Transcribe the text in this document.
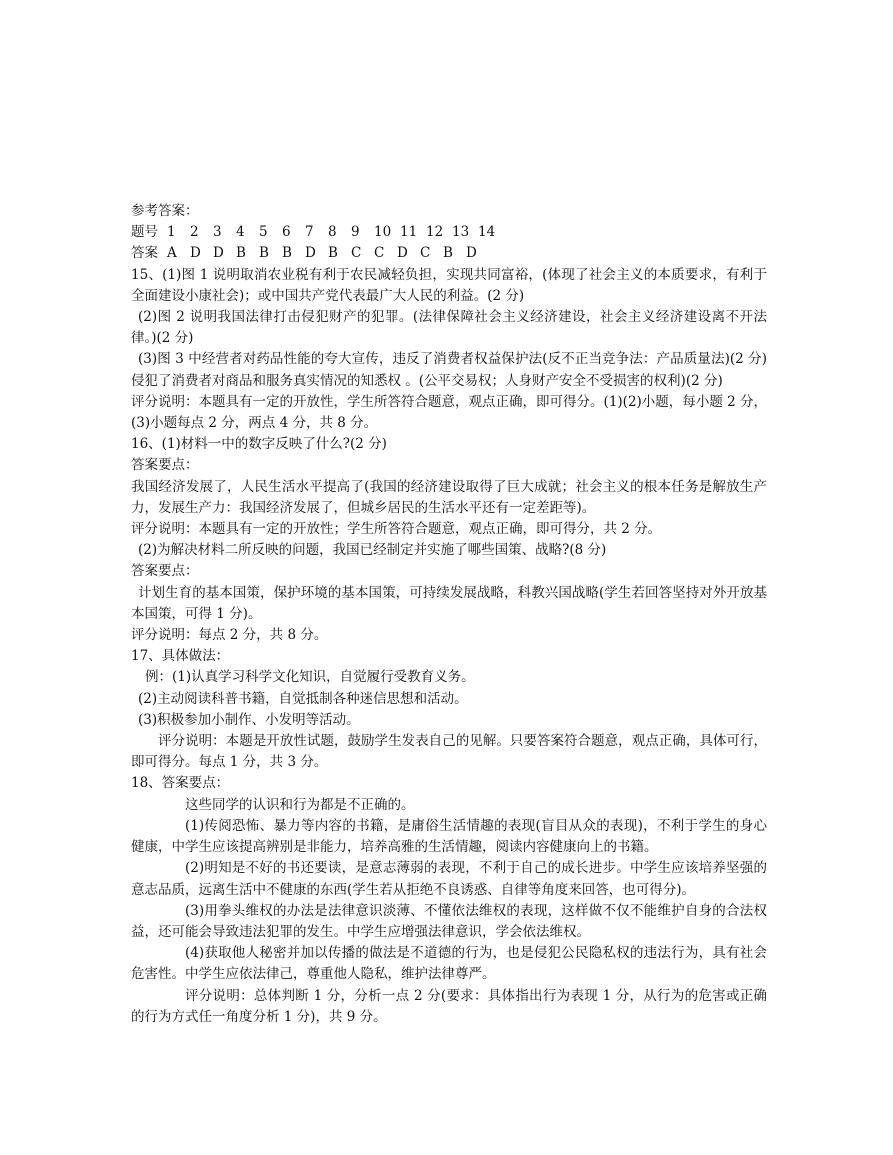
参考答案：

题号 1	2	3	4	5	6	7	8	9	10 11 12 13 14
答案 A D D B B B D B C C D C B D

15、(1)图 1 说明取消农业税有利于农民减轻负担，实现共同富裕，(体现了社会主义的本质要求，有利于全面建设小康社会)；或中国共产党代表最广大人民的利益。(2 分)

(2)图 2 说明我国法律打击侵犯财产的犯罪。(法律保障社会主义经济建设，社会主义经济建设离不开法律。)(2 分)

(3)图 3 中经营者对药品性能的夸大宣传，违反了消费者权益保护法(反不正当竞争法：产品质量法)(2 分)侵犯了消费者对商品和服务真实情况的知悉权 。(公平交易权；人身财产安全不受损害的权利)(2 分)

评分说明：本题具有一定的开放性，学生所答符合题意，观点正确，即可得分。(1)(2)小题，每小题 2 分，(3)小题每点 2 分，两点 4 分，共 8 分。

16、(1)材料一中的数字反映了什么?(2 分)

答案要点：

我国经济发展了，人民生活水平提高了(我国的经济建设取得了巨大成就；社会主义的根本任务是解放生产力，发展生产力：我国经济发展了，但城乡居民的生活水平还有一定差距等)。

评分说明：本题具有一定的开放性；学生所答符合题意，观点正确，即可得分，共 2 分。

(2)为解决材料二所反映的问题，我国已经制定并实施了哪些国策、战略?(8 分)

答案要点：

计划生育的基本国策，保护环境的基本国策，可持续发展战略，科教兴国战略(学生若回答坚持对外开放基本国策，可得 1 分)。

评分说明：每点 2 分，共 8 分。

17、具体做法：

例：(1)认真学习科学文化知识，自觉履行受教育义务。

(2)主动阅读科普书籍，自觉抵制各种迷信思想和活动。

(3)积极参加小制作、小发明等活动。

评分说明：本题是开放性试题，鼓励学生发表自己的见解。只要答案符合题意，观点正确，具体可行，即可得分。每点 1 分，共 3 分。

18、答案要点：

这些同学的认识和行为都是不正确的。

(1)传阅恐怖、暴力等内容的书籍，是庸俗生活情趣的表现(盲目从众的表现)，不利于学生的身心健康，中学生应该提高辨别是非能力，培养高雅的生活情趣，阅读内容健康向上的书籍。

(2)明知是不好的书还要读，是意志薄弱的表现，不利于自己的成长进步。中学生应该培养坚强的意志品质，远离生活中不健康的东西(学生若从拒绝不良诱惑、自律等角度来回答，也可得分)。

(3)用拳头维权的办法是法律意识淡薄、不懂依法维权的表现，这样做不仅不能维护自身的合法权益，还可能会导致违法犯罪的发生。中学生应增强法律意识，学会依法维权。

(4)获取他人秘密并加以传播的做法是不道德的行为，也是侵犯公民隐私权的违法行为，具有社会危害性。中学生应依法律己，尊重他人隐私，维护法律尊严。

评分说明：总体判断 1 分，分析一点 2 分(要求：具体指出行为表现 1 分，从行为的危害或正确的行为方式任一角度分析 1 分)，共 9 分。
